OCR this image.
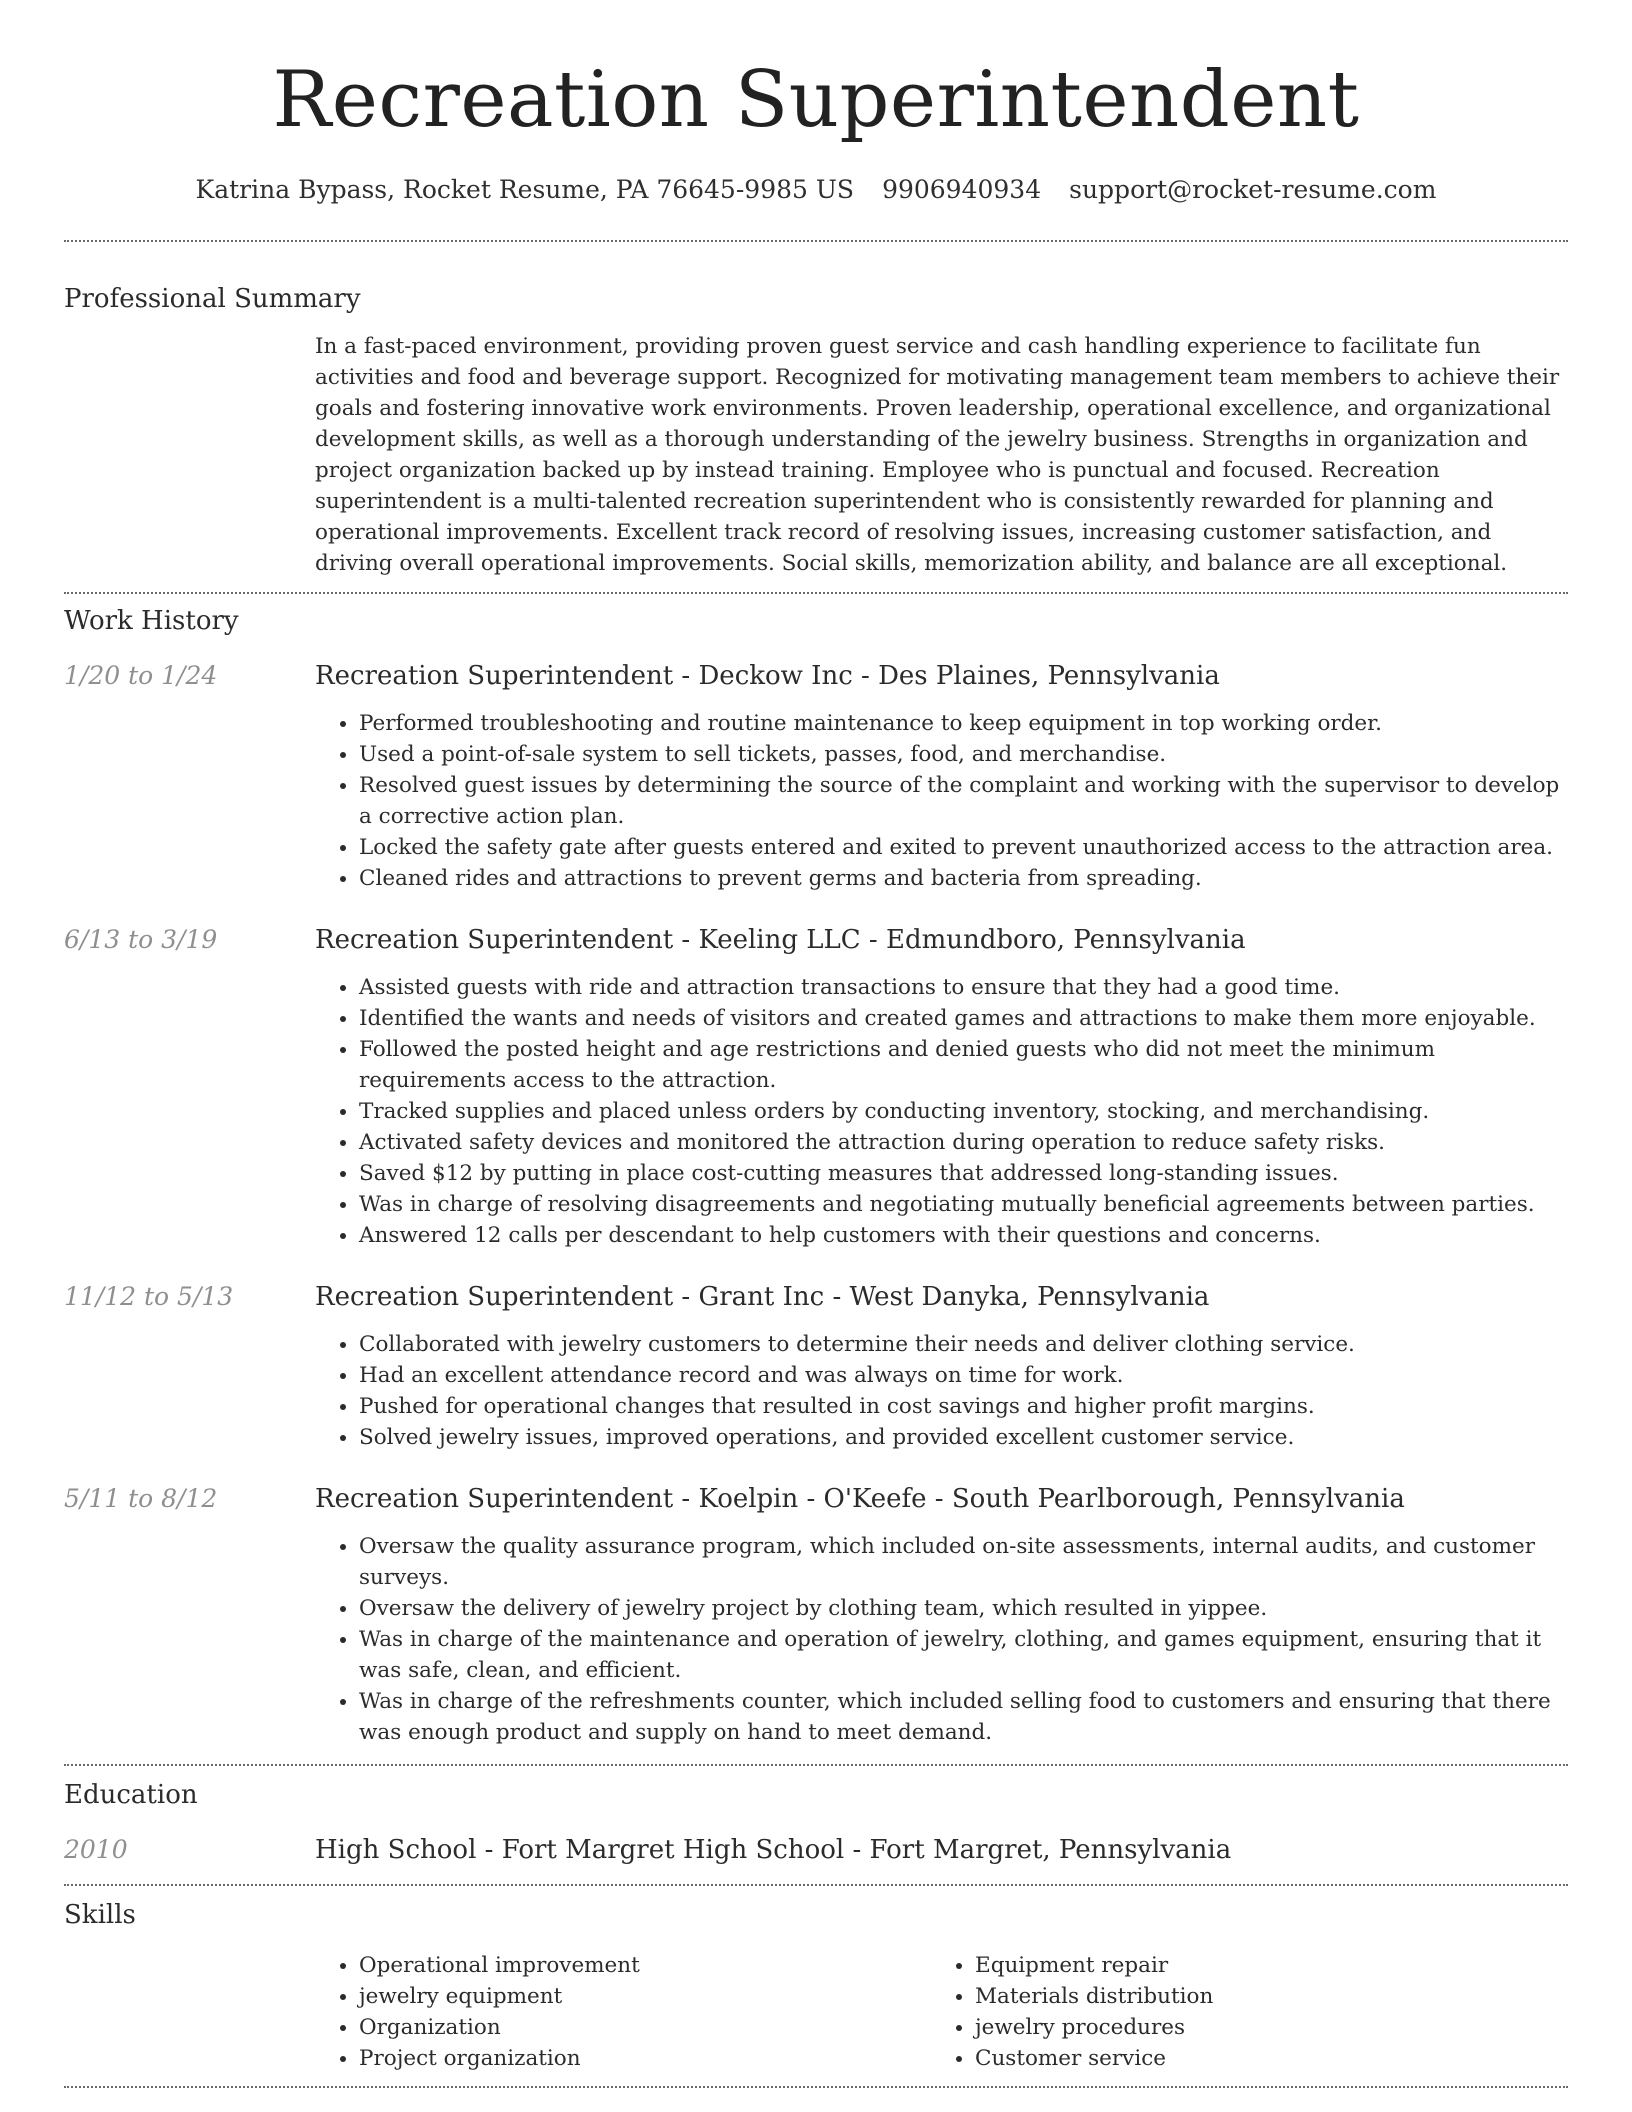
Recreation Superintendent
Katrina Bypass, Rocket Resume, PA 76645-9985 US 9906940934 support@rocket-resume.com
Professional Summary

In a fast-paced environment, providing proven guest service and cash handling experience to facilitate fun activities and food and beverage support. Recognized for motivating management team members to achieve their goals and fostering innovative work environments. Proven leadership, operational excellence, and organizational development skills, as well as a thorough understanding of the jewelry business. Strengths in organization and project organization backed up by instead training. Employee who is punctual and focused. Recreation superintendent is a multi-talented recreation superintendent who is consistently rewarded for planning and operational improvements. Excellent track record of resolving issues, increasing customer satisfaction, and driving overall operational improvements. Social skills, memorization ability, and balance are all exceptional.

Work History
1/20 to 1/24	Recreation Superintendent - Deckow Inc - Des Plaines, Pennsylvania
• Performed troubleshooting and routine maintenance to keep equipment in top working order.
• Used a point-of-sale system to sell tickets, passes, food, and merchandise.
• Resolved guest issues by determining the source of the complaint and working with the supervisor to develop a corrective action plan.
• Locked the safety gate after guests entered and exited to prevent unauthorized access to the attraction area.
• Cleaned rides and attractions to prevent germs and bacteria from spreading.
6/13 to 3/19	Recreation Superintendent - Keeling LLC - Edmundboro, Pennsylvania
• Assisted guests with ride and attraction transactions to ensure that they had a good time.
• Identified the wants and needs of visitors and created games and attractions to make them more enjoyable.
• Followed the posted height and age restrictions and denied guests who did not meet the minimum requirements access to the attraction.
• Tracked supplies and placed unless orders by conducting inventory, stocking, and merchandising.
• Activated safety devices and monitored the attraction during operation to reduce safety risks.
• Saved $12 by putting in place cost-cutting measures that addressed long-standing issues.
• Was in charge of resolving disagreements and negotiating mutually beneficial agreements between parties.
• Answered 12 calls per descendant to help customers with their questions and concerns.
11/12 to 5/13	Recreation Superintendent - Grant Inc - West Danyka, Pennsylvania
• Collaborated with jewelry customers to determine their needs and deliver clothing service.
• Had an excellent attendance record and was always on time for work.
• Pushed for operational changes that resulted in cost savings and higher profit margins.
• Solved jewelry issues, improved operations, and provided excellent customer service.
5/11 to 8/12	Recreation Superintendent - Koelpin - O'Keefe - South Pearlborough, Pennsylvania
• Oversaw the quality assurance program, which included on-site assessments, internal audits, and customer surveys.
• Oversaw the delivery of jewelry project by clothing team, which resulted in yippee.
• Was in charge of the maintenance and operation of jewelry, clothing, and games equipment, ensuring that it was safe, clean, and efficient.
• Was in charge of the refreshments counter, which included selling food to customers and ensuring that there was enough product and supply on hand to meet demand.
Education
2010	High School - Fort Margret High School - Fort Margret, Pennsylvania
Skills
• Operational improvement
• jewelry equipment
• Organization
• Project organization
• Equipment repair
• Materials distribution
• jewelry procedures
• Customer service
